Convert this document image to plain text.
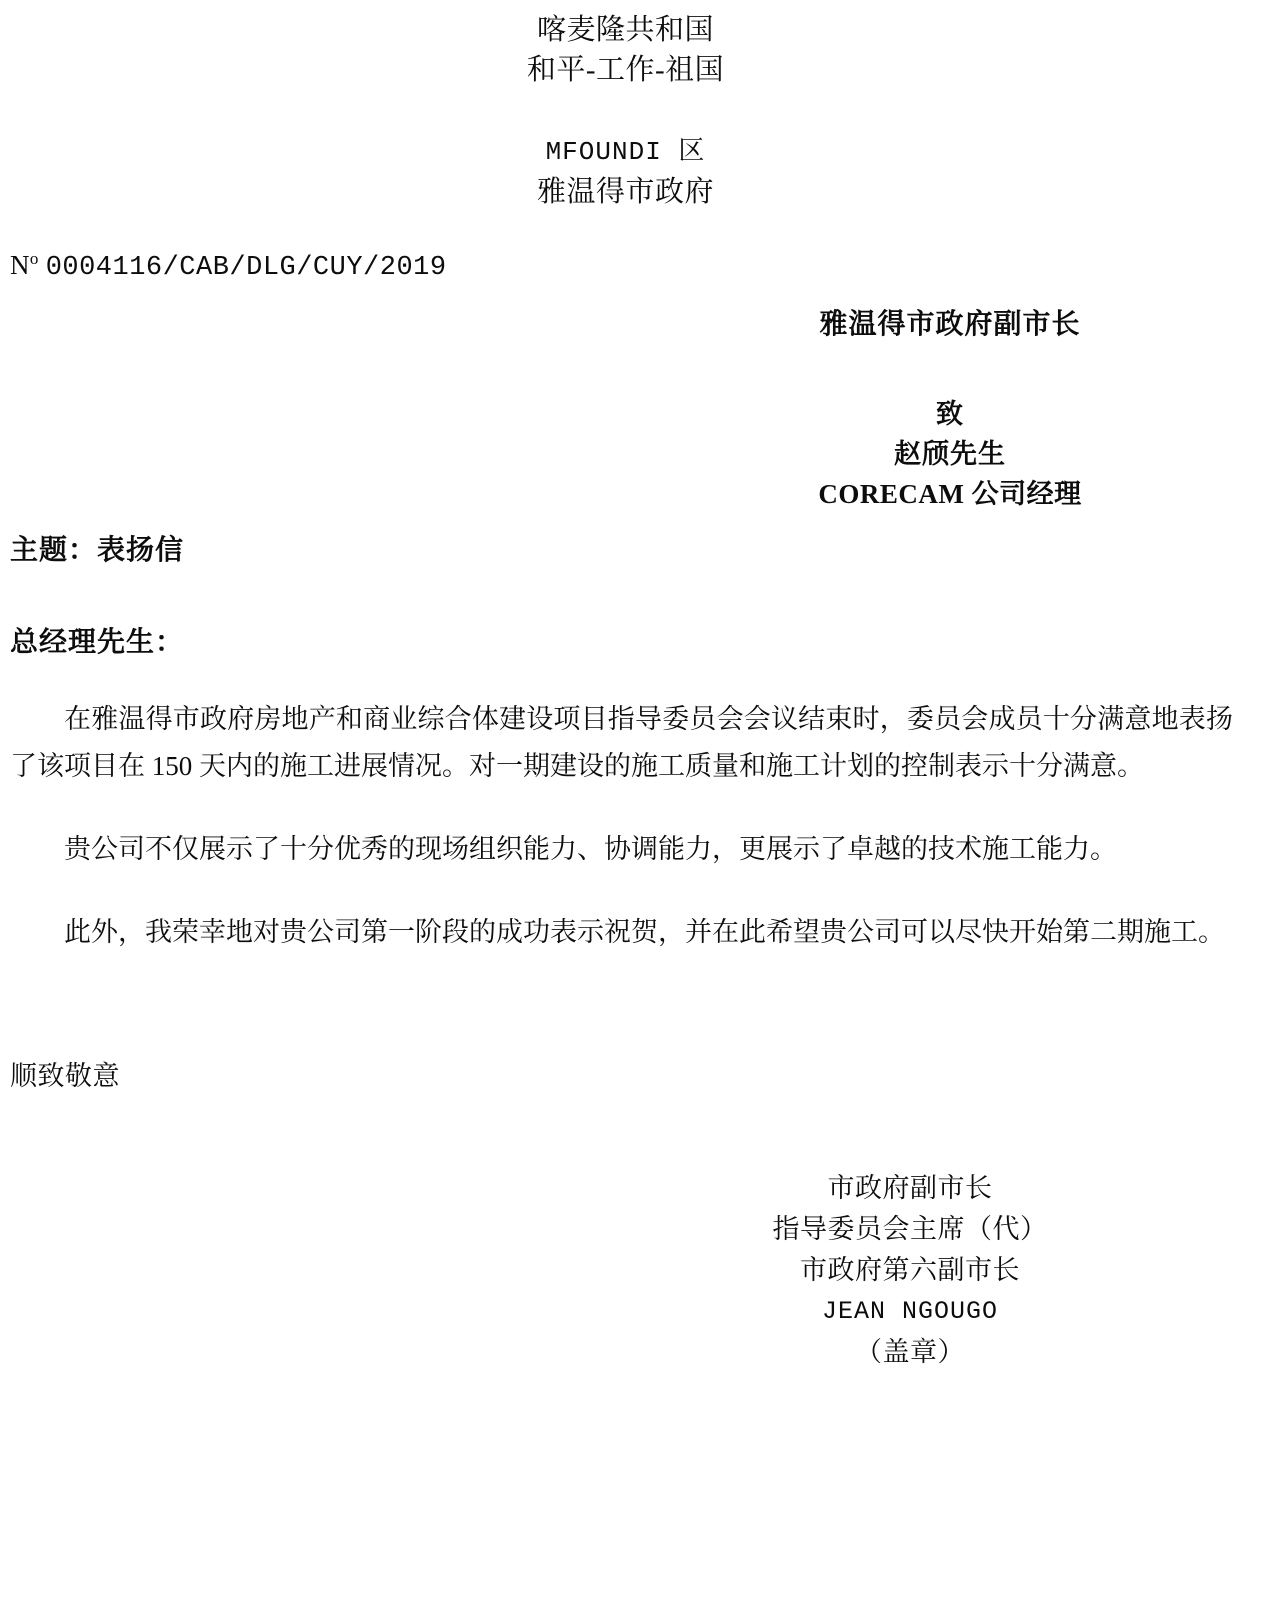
喀麦隆共和国
和平-工作-祖国
MFOUNDI 区
雅温得市政府
$N^o$ 0004116/CAB/DLG/CUY/2019
雅温得市政府副市长
致
赵颀先生
CORECAM 公司经理
主题：表扬信
总经理先生：
在雅温得市政府房地产和商业综合体建设项目指导委员会会议结束时，委员会成员十分满意地表扬了该项目在 150 天内的施工进展情况。对一期建设的施工质量和施工计划的控制表示十分满意。
贵公司不仅展示了十分优秀的现场组织能力、协调能力，更展示了卓越的技术施工能力。
此外，我荣幸地对贵公司第一阶段的成功表示祝贺，并在此希望贵公司可以尽快开始第二期施工。
顺致敬意
市政府副市长
指导委员会主席（代）
市政府第六副市长
JEAN NGOUGO
（盖章）
